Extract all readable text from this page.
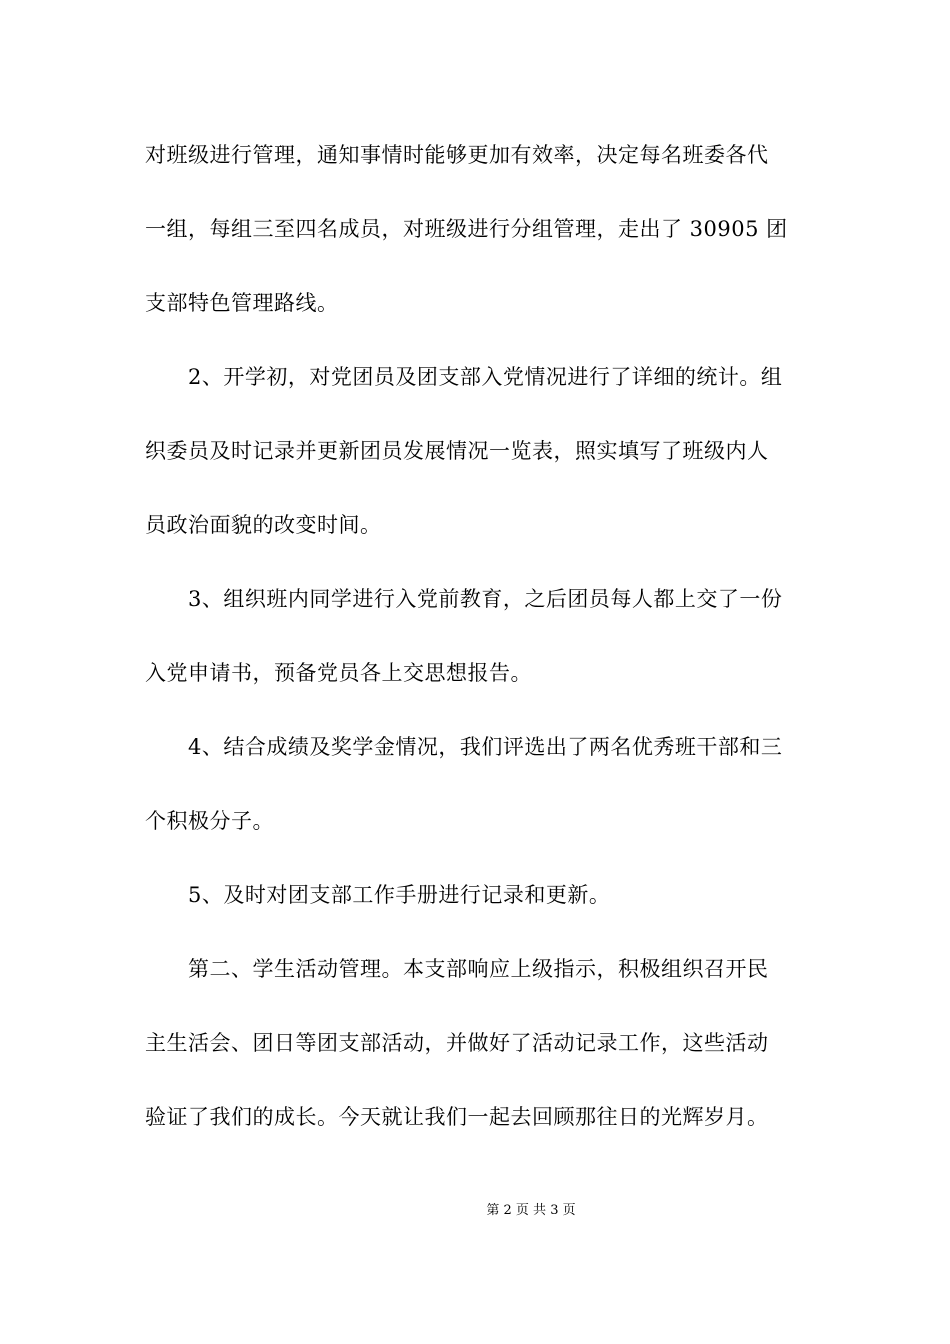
对班级进行管理，通知事情时能够更加有效率，决定每名班委各代
一组，每组三至四名成员，对班级进行分组管理，走出了 30905 团
支部特色管理路线。
2、开学初，对党团员及团支部入党情况进行了详细的统计。组
织委员及时记录并更新团员发展情况一览表，照实填写了班级内人
员政治面貌的改变时间。
3、组织班内同学进行入党前教育，之后团员每人都上交了一份
入党申请书，预备党员各上交思想报告。
4、结合成绩及奖学金情况，我们评选出了两名优秀班干部和三
个积极分子。
5、及时对团支部工作手册进行记录和更新。
第二、学生活动管理。本支部响应上级指示，积极组织召开民
主生活会、团日等团支部活动，并做好了活动记录工作，这些活动
验证了我们的成长。今天就让我们一起去回顾那往日的光辉岁月。
第 2 页 共 3 页
